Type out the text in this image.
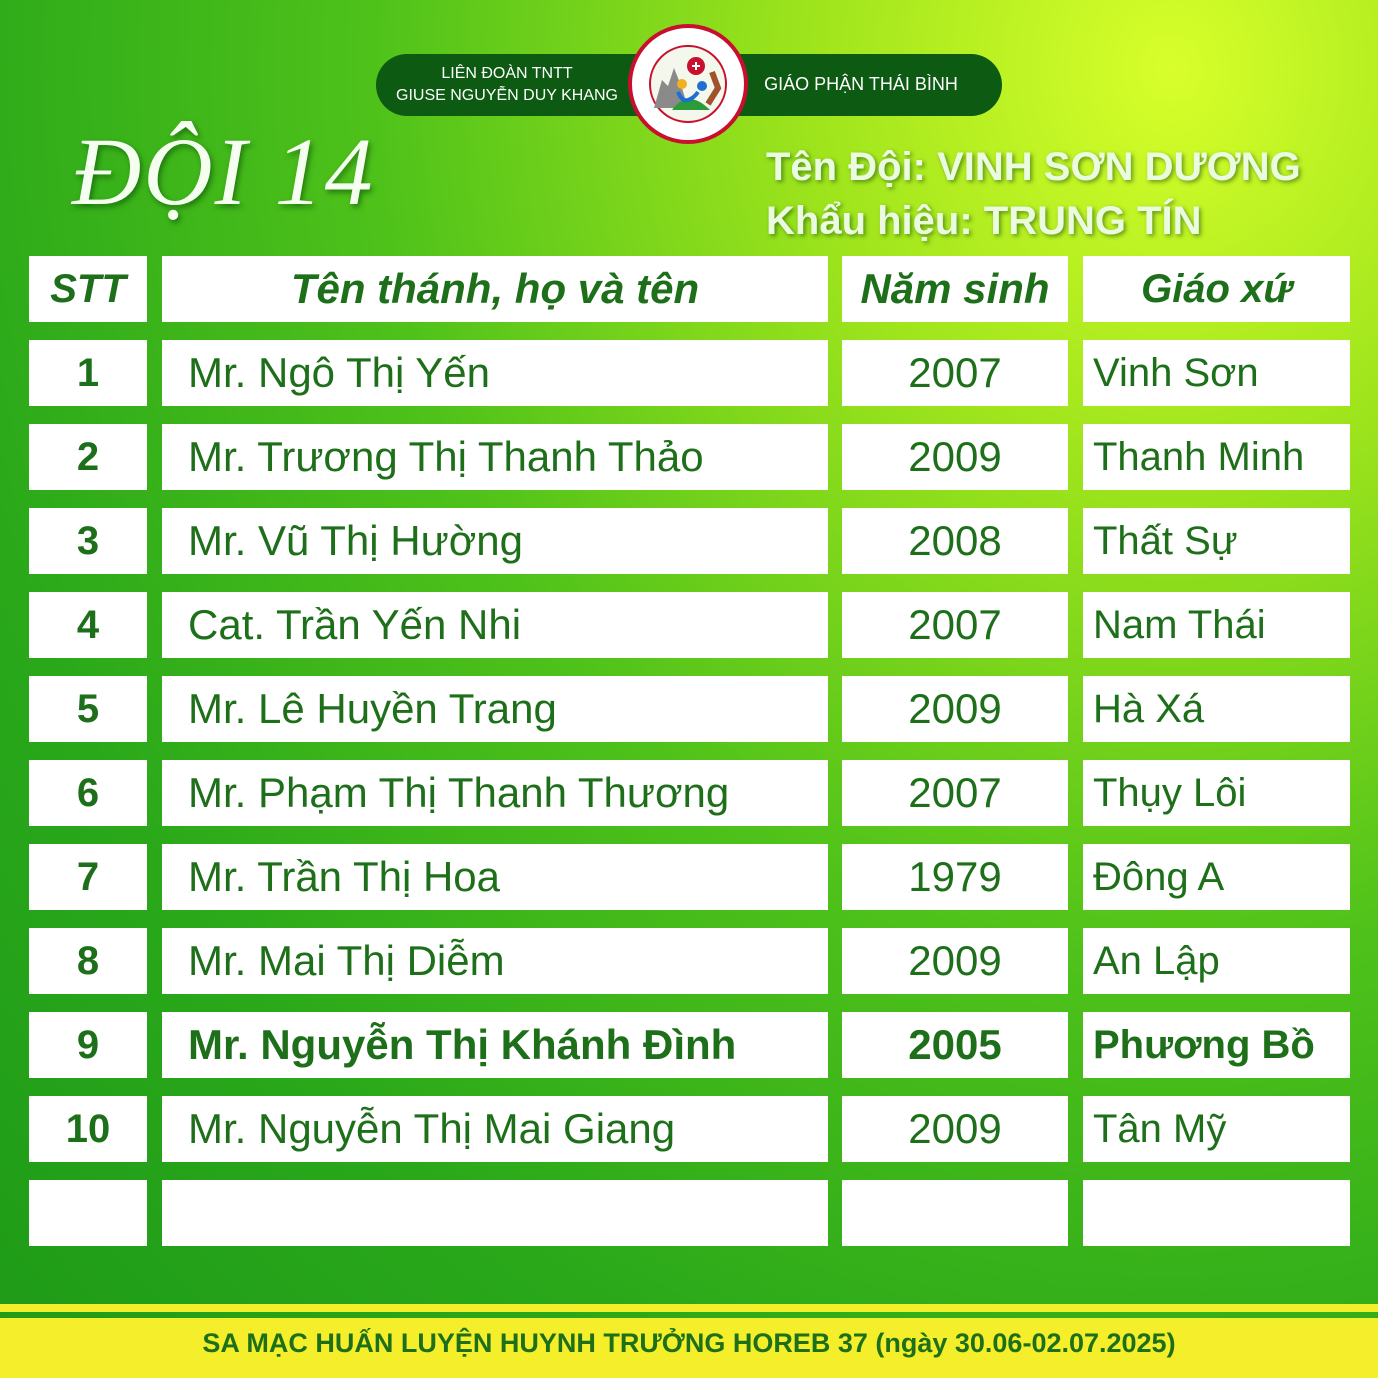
LIÊN ĐOÀN TNTT
GIUSE NGUYỄN DUY KHANG
GIÁO PHẬN THÁI BÌNH
ĐỘI 14	Tên Đội: VINH SƠN DƯƠNG
Khẩu hiệu: TRUNG TÍN
STT	Tên thánh, họ và tên	Năm sinh	Giáo xứ
1	Mr. Ngô Thị Yến	2007	Vinh Sơn
2	Mr. Trương Thị Thanh Thảo	2009	Thanh Minh
3	Mr. Vũ Thị Hường	2008	Thất Sự
4	Cat. Trần Yến Nhi	2007	Nam Thái
5	Mr. Lê Huyền Trang	2009	Hà Xá
6	Mr. Phạm Thị Thanh Thương	2007	Thụy Lôi
7	Mr. Trần Thị Hoa	1979	Đông A
8	Mr. Mai Thị Diễm	2009	An Lập
9	Mr. Nguyễn Thị Khánh Đình	2005	Phương Bồ
10	Mr. Nguyễn Thị Mai Giang	2009	Tân Mỹ
SA MẠC HUẤN LUYỆN HUYNH TRƯỞNG HOREB 37 (ngày 30.06-02.07.2025)
